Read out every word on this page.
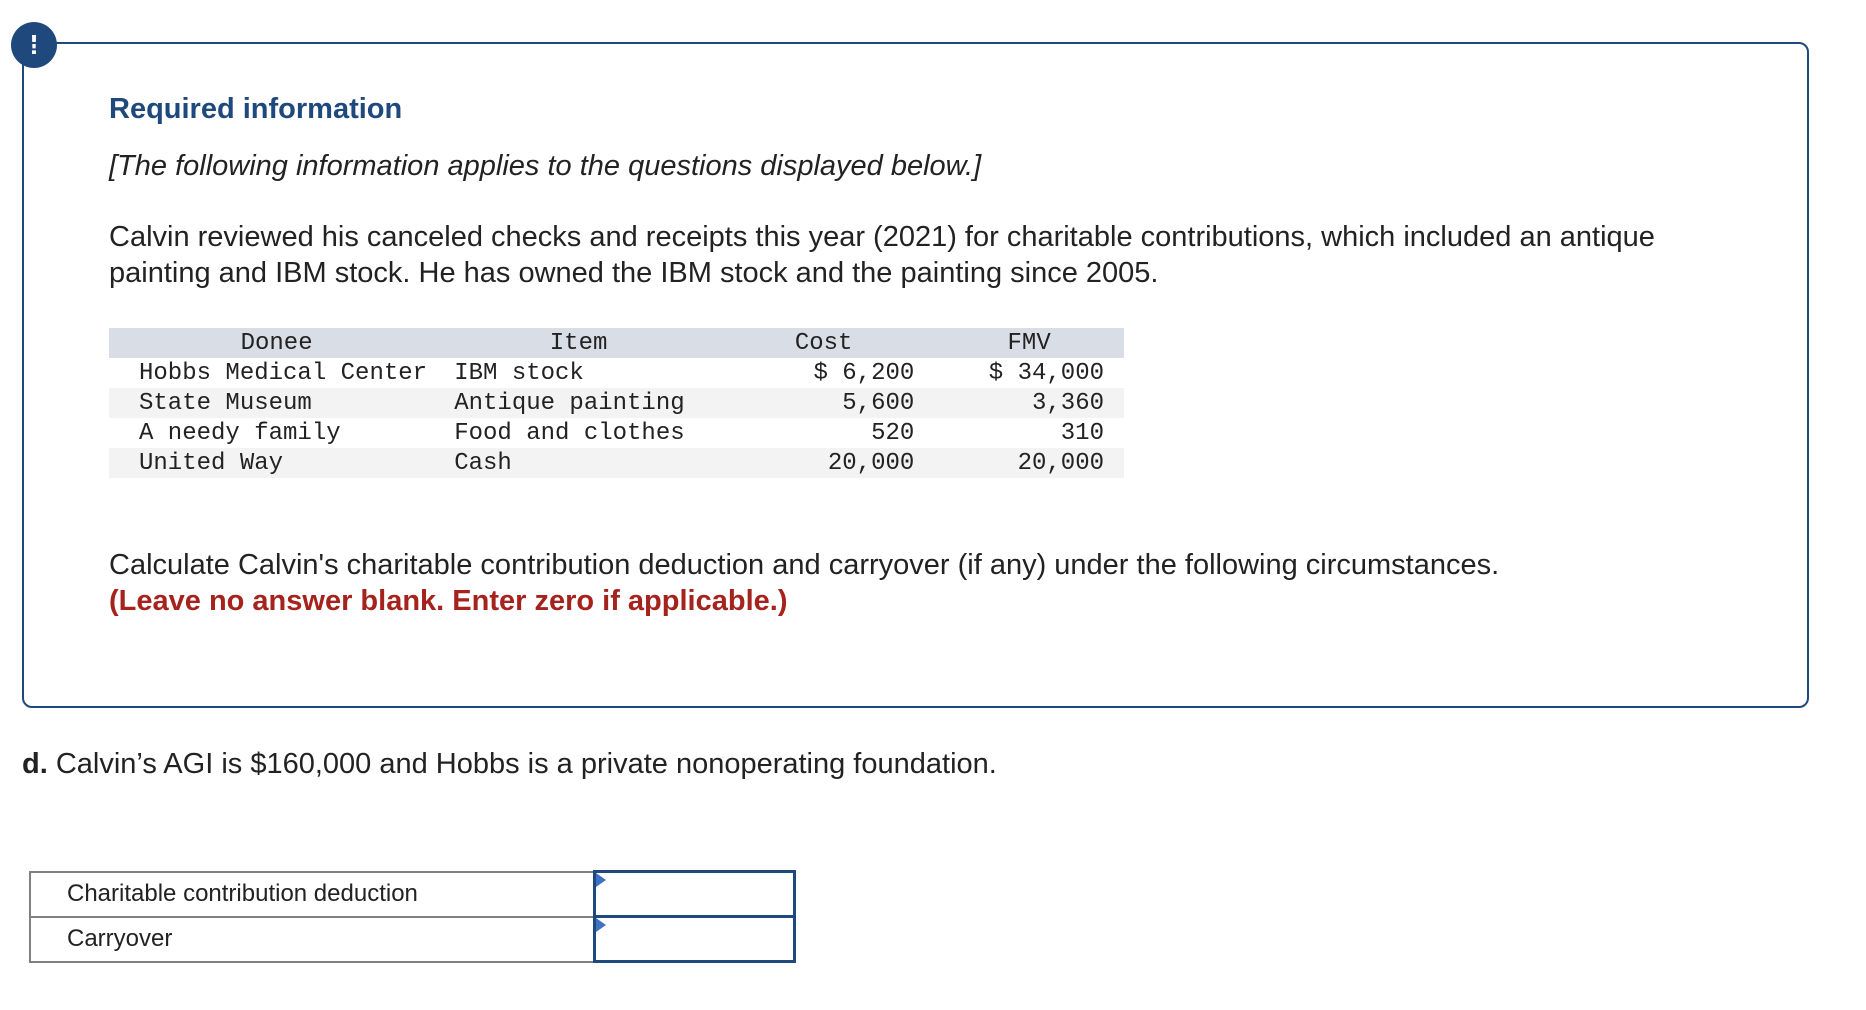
!
Required information

[The following information applies to the questions displayed below.]

Calvin reviewed his canceled checks and receipts this year (2021) for charitable contributions, which included an antique painting and IBM stock. He has owned the IBM stock and the painting since 2005.

Donee	Item	Cost	FMV
Hobbs Medical Center	IBM stock	$ 6,200	$ 34,000
State Museum	Antique painting	5,600	3,360
A needy family	Food and clothes	520	310
United Way	Cash	20,000	20,000

Calculate Calvin's charitable contribution deduction and carryover (if any) under the following circumstances.
(Leave no answer blank. Enter zero if applicable.)

d. Calvin’s AGI is $160,000 and Hobbs is a private nonoperating foundation.

Charitable contribution deduction	

Carryover	
